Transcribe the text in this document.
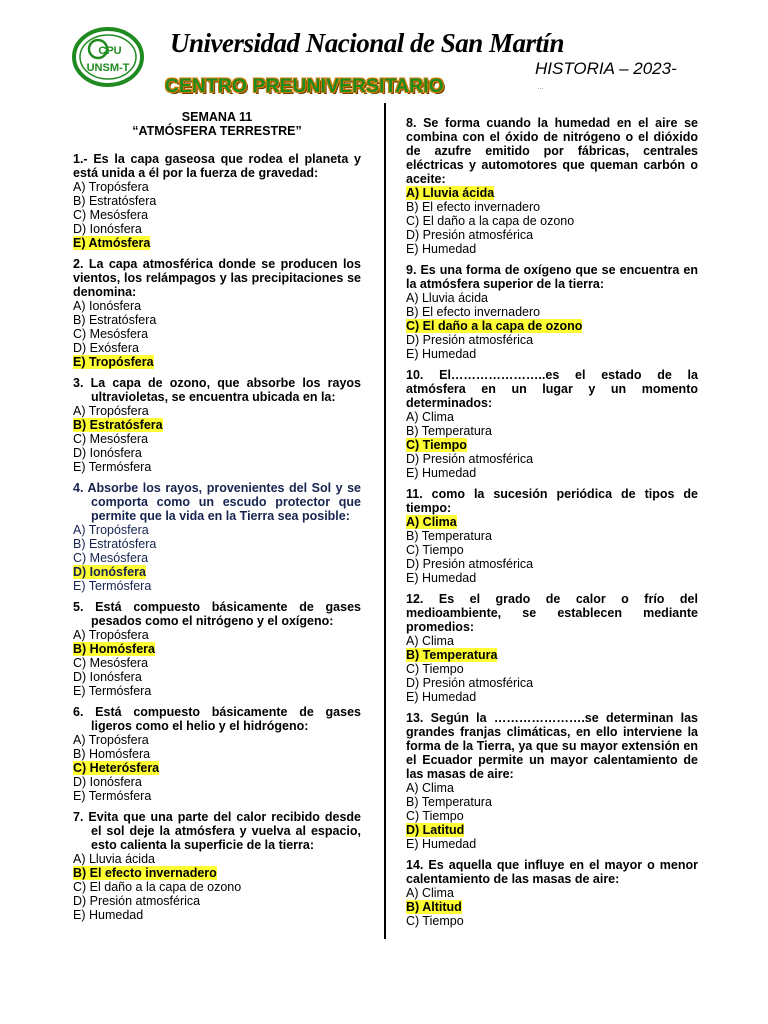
CPU
UNSM-T
Universidad Nacional de San Martín
CENTRO PREUNIVERSITARIO
HISTORIA – 2023-
...
SEMANA 11
“ATMÓSFERA TERRESTRE”
1.- Es la capa gaseosa que rodea el planeta y está unida a él por la fuerza de gravedad:
A) Tropósfera
B) Estratósfera
C) Mesósfera
D) Ionósfera
E) Atmósfera
2. La capa atmosférica donde se producen los vientos, los relámpagos y las precipitaciones se denomina:
A) Ionósfera
B) Estratósfera
C) Mesósfera
D) Exósfera
E) Tropósfera
3. La capa de ozono, que absorbe los rayos ultravioletas, se encuentra ubicada en la:
A) Tropósfera
B) Estratósfera
C) Mesósfera
D) Ionósfera
E) Termósfera
4. Absorbe los rayos, provenientes del Sol y se comporta como un escudo protector que permite que la vida en la Tierra sea posible:
A) Tropósfera
B) Estratósfera
C) Mesósfera
D) Ionósfera
E) Termósfera
5. Está compuesto básicamente de gases pesados como el nitrógeno y el oxígeno:
A) Tropósfera
B) Homósfera
C) Mesósfera
D) Ionósfera
E) Termósfera
6. Está compuesto básicamente de gases ligeros como el helio y el hidrógeno:
A) Tropósfera
B) Homósfera
C) Heterósfera
D) Ionósfera
E) Termósfera
7. Evita que una parte del calor recibido desde el sol deje la atmósfera y vuelva al espacio, esto calienta la superficie de la tierra:
A) Lluvia ácida
B) El efecto invernadero
C) El daño a la capa de ozono
D) Presión atmosférica
E) Humedad
8. Se forma cuando la humedad en el aire se combina con el óxido de nitrógeno o el dióxido de azufre emitido por fábricas, centrales eléctricas y automotores que queman carbón o aceite:
A) Lluvia ácida
B) El efecto invernadero
C) El daño a la capa de ozono
D) Presión atmosférica
E) Humedad
9. Es una forma de oxígeno que se encuentra en la atmósfera superior de la tierra:
A) Lluvia ácida
B) El efecto invernadero
C) El daño a la capa de ozono
D) Presión atmosférica
E) Humedad
10. El…………………..es el estado de la atmósfera en un lugar y un momento determinados:
A) Clima
B) Temperatura
C) Tiempo
D) Presión atmosférica
E) Humedad
11. como la sucesión periódica de tipos de tiempo:
A) Clima
B) Temperatura
C) Tiempo
D) Presión atmosférica
E) Humedad
12. Es el grado de calor o frío del medioambiente, se establecen mediante promedios:
A) Clima
B) Temperatura
C) Tiempo
D) Presión atmosférica
E) Humedad
13. Según la ………………….se determinan las grandes franjas climáticas, en ello interviene la forma de la Tierra, ya que su mayor extensión en el Ecuador permite un mayor calentamiento de las masas de aire:
A) Clima
B) Temperatura
C) Tiempo
D) Latitud
E) Humedad
14. Es aquella que influye en el mayor o menor calentamiento de las masas de aire:
A) Clima
B) Altitud
C) Tiempo
